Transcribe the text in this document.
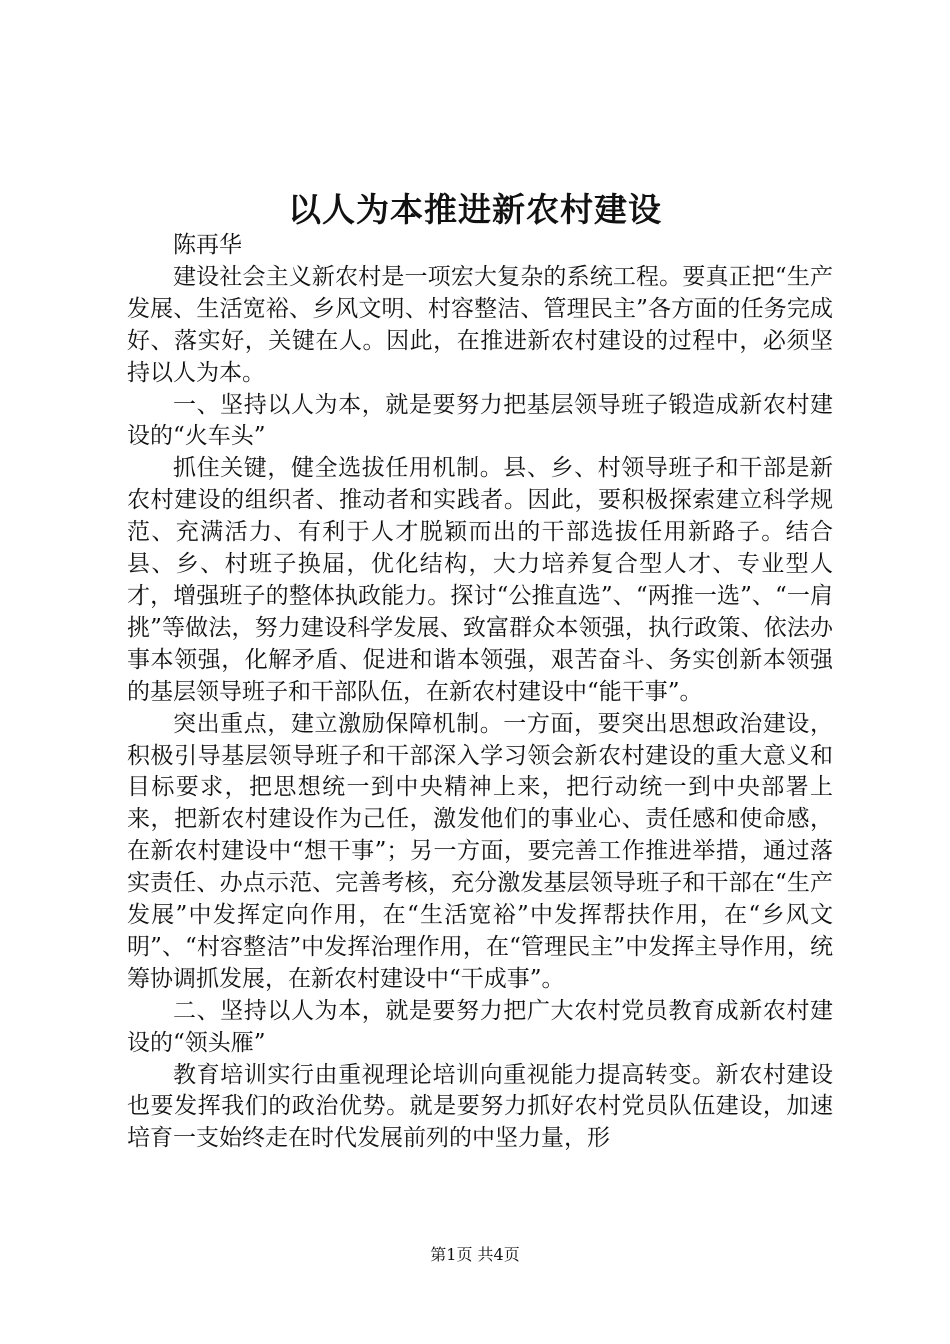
以人为本推进新农村建设

陈再华

建设社会主义新农村是一项宏大复杂的系统工程。要真正把“生产发展、生活宽裕、乡风文明、村容整洁、管理民主”各方面的任务完成好、落实好，关键在人。因此，在推进新农村建设的过程中，必须坚持以人为本。

一、坚持以人为本，就是要努力把基层领导班子锻造成新农村建设的“火车头”

抓住关键，健全选拔任用机制。县、乡、村领导班子和干部是新农村建设的组织者、推动者和实践者。因此，要积极探索建立科学规范、充满活力、有利于人才脱颖而出的干部选拔任用新路子。结合县、乡、村班子换届，优化结构，大力培养复合型人才、专业型人才，增强班子的整体执政能力。探讨“公推直选”、“两推一选”、“一肩挑”等做法，努力建设科学发展、致富群众本领强，执行政策、依法办事本领强，化解矛盾、促进和谐本领强，艰苦奋斗、务实创新本领强的基层领导班子和干部队伍，在新农村建设中“能干事”。

突出重点，建立激励保障机制。一方面，要突出思想政治建设，积极引导基层领导班子和干部深入学习领会新农村建设的重大意义和目标要求，把思想统一到中央精神上来，把行动统一到中央部署上来，把新农村建设作为己任，激发他们的事业心、责任感和使命感，在新农村建设中“想干事”；另一方面，要完善工作推进举措，通过落实责任、办点示范、完善考核，充分激发基层领导班子和干部在“生产发展”中发挥定向作用，在“生活宽裕”中发挥帮扶作用，在“乡风文明”、“村容整洁”中发挥治理作用，在“管理民主”中发挥主导作用，统筹协调抓发展，在新农村建设中“干成事”。

二、坚持以人为本，就是要努力把广大农村党员教育成新农村建设的“领头雁”

教育培训实行由重视理论培训向重视能力提高转变。新农村建设也要发挥我们的政治优势。就是要努力抓好农村党员队伍建设，加速培育一支始终走在时代发展前列的中坚力量，形

第1页 共4页
